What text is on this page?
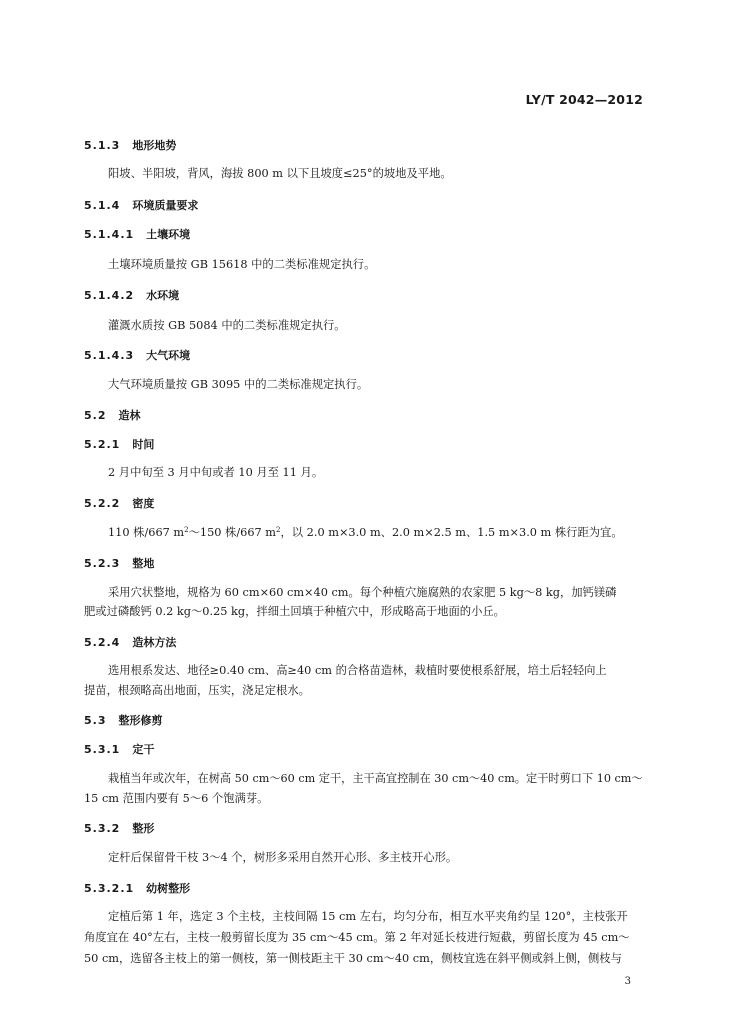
LY/T 2042—2012
5.1.3 地形地势
阳坡、半阳坡，背风，海拔 800 m 以下且坡度≤25°的坡地及平地。
5.1.4 环境质量要求
5.1.4.1 土壤环境
土壤环境质量按 GB 15618 中的二类标准规定执行。
5.1.4.2 水环境
灌溉水质按 GB 5084 中的二类标准规定执行。
5.1.4.3 大气环境
大气环境质量按 GB 3095 中的二类标准规定执行。
5.2 造林
5.2.1 时间
2 月中旬至 3 月中旬或者 10 月至 11 月。
5.2.2 密度
110 株/667 $m^2\sim 150$ 株/667 $m^2$，以 2.0 m×3.0 m、2.0 m×2.5 m、1.5 m×3.0 m 株行距为宜。
5.2.3 整地
采用穴状整地，规格为 60 cm×60 cm×40 cm。每个种植穴施腐熟的农家肥 5 kg～8 kg，加钙镁磷
肥或过磷酸钙 0.2 kg～0.25 kg，拌细土回填于种植穴中，形成略高于地面的小丘。
5.2.4 造林方法
选用根系发达、地径≥0.40 cm、高≥40 cm 的合格苗造林，栽植时要使根系舒展，培土后轻轻向上
提苗，根颈略高出地面，压实，浇足定根水。
5.3 整形修剪
5.3.1 定干
栽植当年或次年，在树高 50 cm～60 cm 定干，主干高宜控制在 30 cm～40 cm。定干时剪口下 10 cm～
15 cm 范围内要有 5～6 个饱满芽。
5.3.2 整形
定杆后保留骨干枝 3～4 个，树形多采用自然开心形、多主枝开心形。
5.3.2.1 幼树整形
定植后第 1 年，选定 3 个主枝，主枝间隔 15 cm 左右，均匀分布，相互水平夹角约呈 120°，主枝张开
角度宜在 40°左右，主枝一般剪留长度为 35 cm～45 cm。第 2 年对延长枝进行短截，剪留长度为 45 cm～
50 cm，选留各主枝上的第一侧枝，第一侧枝距主干 30 cm～40 cm，侧枝宜选在斜平侧或斜上侧，侧枝与
3
